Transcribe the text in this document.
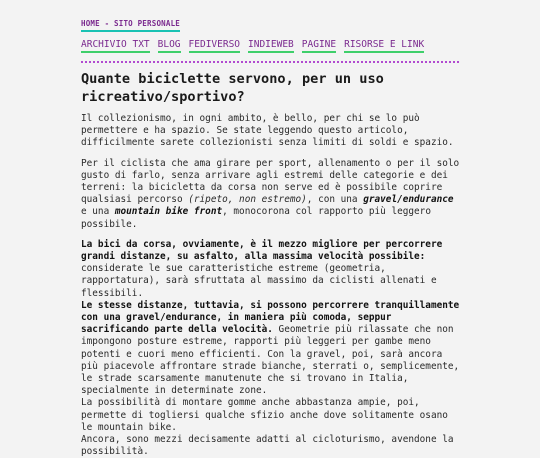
HOME - SITO PERSONALE
ARCHIVIO TXT BLOG FEDIVERSO INDIEWEB PAGINE RISORSE E LINK
Quante biciclette servono, per un uso ricreativo/sportivo?

Il collezionismo, in ogni ambito, è bello, per chi se lo può permettere e ha spazio. Se state leggendo questo articolo, difficilmente sarete collezionisti senza limiti di soldi e spazio.

Per il ciclista che ama girare per sport, allenamento o per il solo gusto di farlo, senza arrivare agli estremi delle categorie e dei terreni: la bicicletta da corsa non serve ed è possibile coprire qualsiasi percorso (ripeto, non estremo), con una gravel/endurance e una mountain bike front, monocorona col rapporto più leggero possibile.

La bici da corsa, ovviamente, è il mezzo migliore per percorrere grandi distanze, su asfalto, alla massima velocità possibile: considerate le sue caratteristiche estreme (geometria, rapportatura), sarà sfruttata al massimo da ciclisti allenati e flessibili.

Le stesse distanze, tuttavia, si possono percorrere tranquillamente con una gravel/endurance, in maniera più comoda, seppur sacrificando parte della velocità. Geometrie più rilassate che non impongono posture estreme, rapporti più leggeri per gambe meno potenti e cuori meno efficienti. Con la gravel, poi, sarà ancora più piacevole affrontare strade bianche, sterrati o, semplicemente, le strade scarsamente manutenute che si trovano in Italia, specialmente in determinate zone.

La possibilità di montare gomme anche abbastanza ampie, poi, permette di togliersi qualche sfizio anche dove solitamente osano le mountain bike.

Ancora, sono mezzi decisamente adatti al cicloturismo, avendone la possibilità.
